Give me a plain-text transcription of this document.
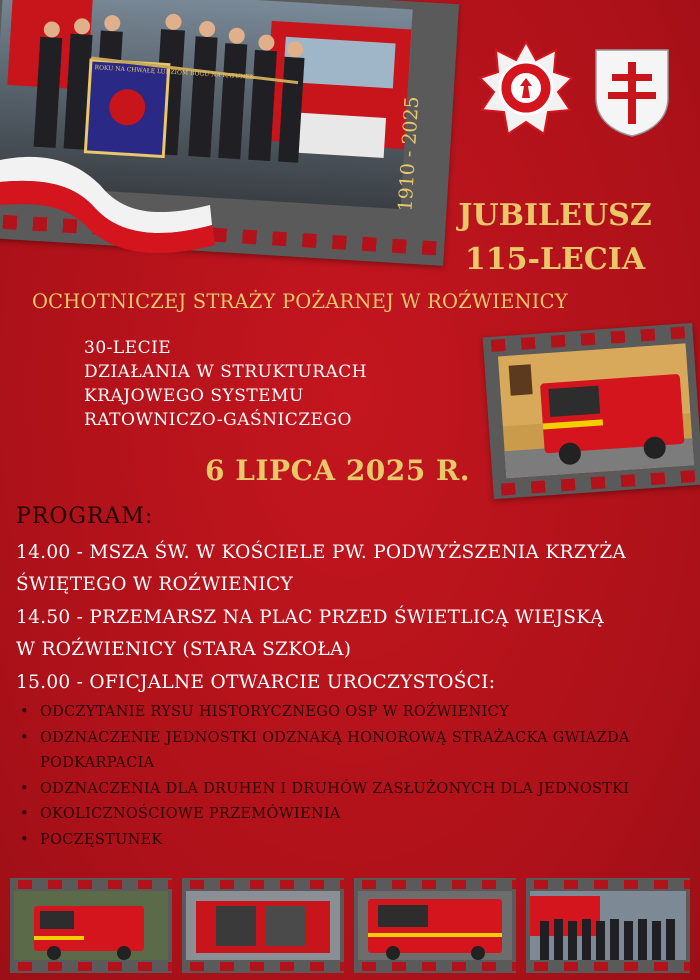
ROKU NA CHWAŁĘ LUDZIOM BOGU NA RATUNEK
1910 - 2025
JUBILEUSZ
115-LECIA
OCHOTNICZEJ STRAŻY POŻARNEJ W ROŹWIENICY
30-LECIE
DZIAŁANIA W STRUKTURACH
KRAJOWEGO SYSTEMU
RATOWNICZO-GAŚNICZEGO
6 LIPCA 2025 R.
PROGRAM:
14.00 - MSZA ŚW. W KOŚCIELE PW. PODWYŻSZENIA KRZYŻA
ŚWIĘTEGO W ROŹWIENICY
14.50 - PRZEMARSZ NA PLAC PRZED ŚWIETLICĄ WIEJSKĄ
W ROŹWIENICY (STARA SZKOŁA)
15.00 - OFICJALNE OTWARCIE UROCZYSTOŚCI:
• ODCZYTANIE RYSU HISTORYCZNEGO OSP W ROŹWIENICY
• ODZNACZENIE JEDNOSTKI ODZNAKĄ HONOROWĄ STRAŻACKA GWIAZDA
PODKARPACIA
• ODZNACZENIA DLA DRUHEN I DRUHÓW ZASŁUŻONYCH DLA JEDNOSTKI
• OKOLICZNOŚCIOWE PRZEMÓWIENIA
• POCZĘSTUNEK
